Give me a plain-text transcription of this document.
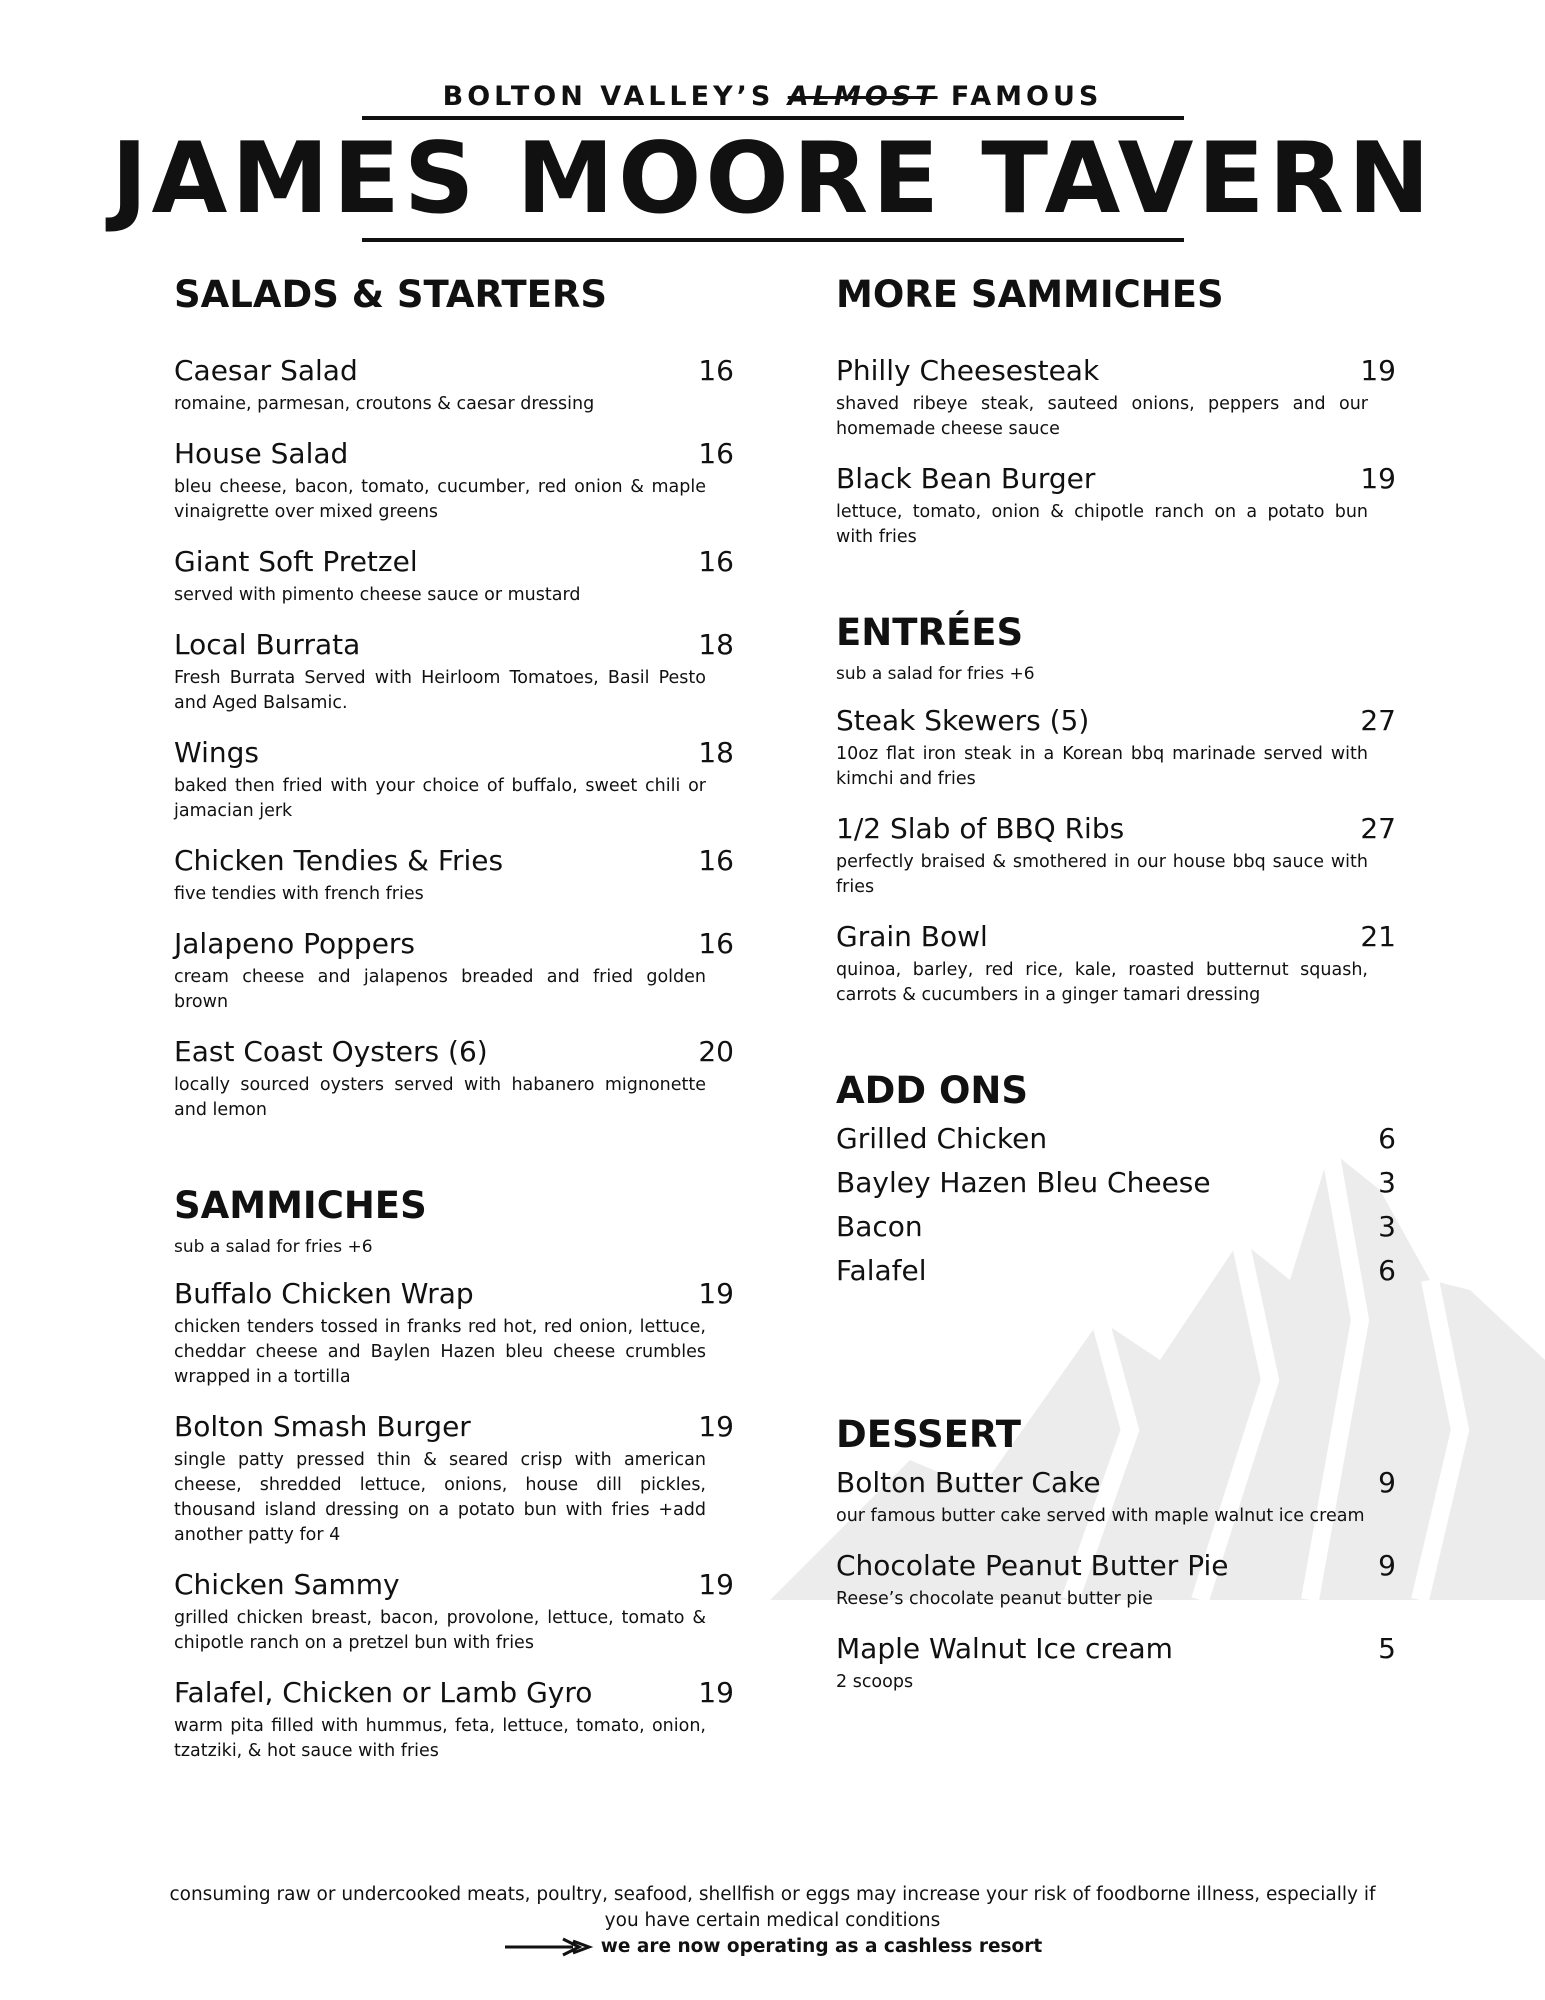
BOLTON VALLEY’S ALMOST FAMOUS

JAMES MOORE TAVERN
SALADS & STARTERS
Caesar Salad	16
romaine, parmesan, croutons & caesar dressing
House Salad	16
bleu cheese, bacon, tomato, cucumber, red onion & maple vinaigrette over mixed greens
Giant Soft Pretzel	16
served with pimento cheese sauce or mustard
Local Burrata	18
Fresh Burrata Served with Heirloom Tomatoes, Basil Pesto and Aged Balsamic.
Wings	18
baked then fried with your choice of buffalo, sweet chili or jamacian jerk
Chicken Tendies & Fries	16
five tendies with french fries
Jalapeno Poppers	16
cream cheese and jalapenos breaded and fried golden brown
East Coast Oysters (6)	20
locally sourced oysters served with habanero mignonette and lemon
SAMMICHES

sub a salad for fries +6

Buffalo Chicken Wrap	19
chicken tenders tossed in franks red hot, red onion, lettuce, cheddar cheese and Baylen Hazen bleu cheese crumbles wrapped in a tortilla
Bolton Smash Burger	19
single patty pressed thin & seared crisp with american cheese, shredded lettuce, onions, house dill pickles, thousand island dressing on a potato bun with fries +add another patty for 4
Chicken Sammy	19
grilled chicken breast, bacon, provolone, lettuce, tomato & chipotle ranch on a pretzel bun with fries
Falafel, Chicken or Lamb Gyro	19
warm pita filled with hummus, feta, lettuce, tomato, onion, tzatziki, & hot sauce with fries
MORE SAMMICHES
Philly Cheesesteak	19
shaved ribeye steak, sauteed onions, peppers and our homemade cheese sauce
Black Bean Burger	19
lettuce, tomato, onion & chipotle ranch on a potato bun with fries
ENTRÉES

sub a salad for fries +6

Steak Skewers (5)	27
10oz flat iron steak in a Korean bbq marinade served with kimchi and fries
1/2 Slab of BBQ Ribs	27
perfectly braised & smothered in our house bbq sauce with fries
Grain Bowl	21
quinoa, barley, red rice, kale, roasted butternut squash, carrots & cucumbers in a ginger tamari dressing
ADD ONS
Grilled Chicken	6
Bayley Hazen Bleu Cheese	3
Bacon	3
Falafel	6
DESSERT
Bolton Butter Cake	9
our famous butter cake served with maple walnut ice cream
Chocolate Peanut Butter Pie	9
Reese’s chocolate peanut butter pie
Maple Walnut Ice cream	5
2 scoops
consuming raw or undercooked meats, poultry, seafood, shellfish or eggs may increase your risk of foodborne illness, especially if you have certain medical conditions
we are now operating as a cashless resort
